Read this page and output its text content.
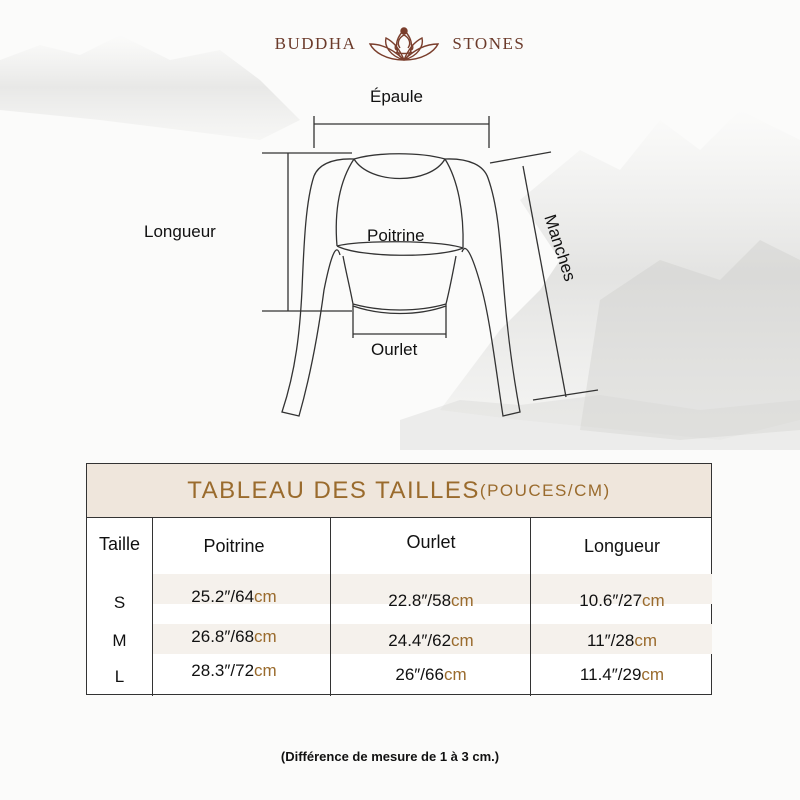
BUDDHA	STONES
Épaule
Longueur	Poitrine
Ourlet
Manches
TABLEAU DES TAILLES (POUCES/CM)
Taille	Poitrine	Ourlet	Longueur
S	25.2″/64cm	22.8″/58cm	10.6″/27cm
M	26.8″/68cm	24.4″/62cm	11″/28cm
L	28.3″/72cm	26″/66cm	11.4″/29cm
(Différence de mesure de 1 à 3 cm.)
